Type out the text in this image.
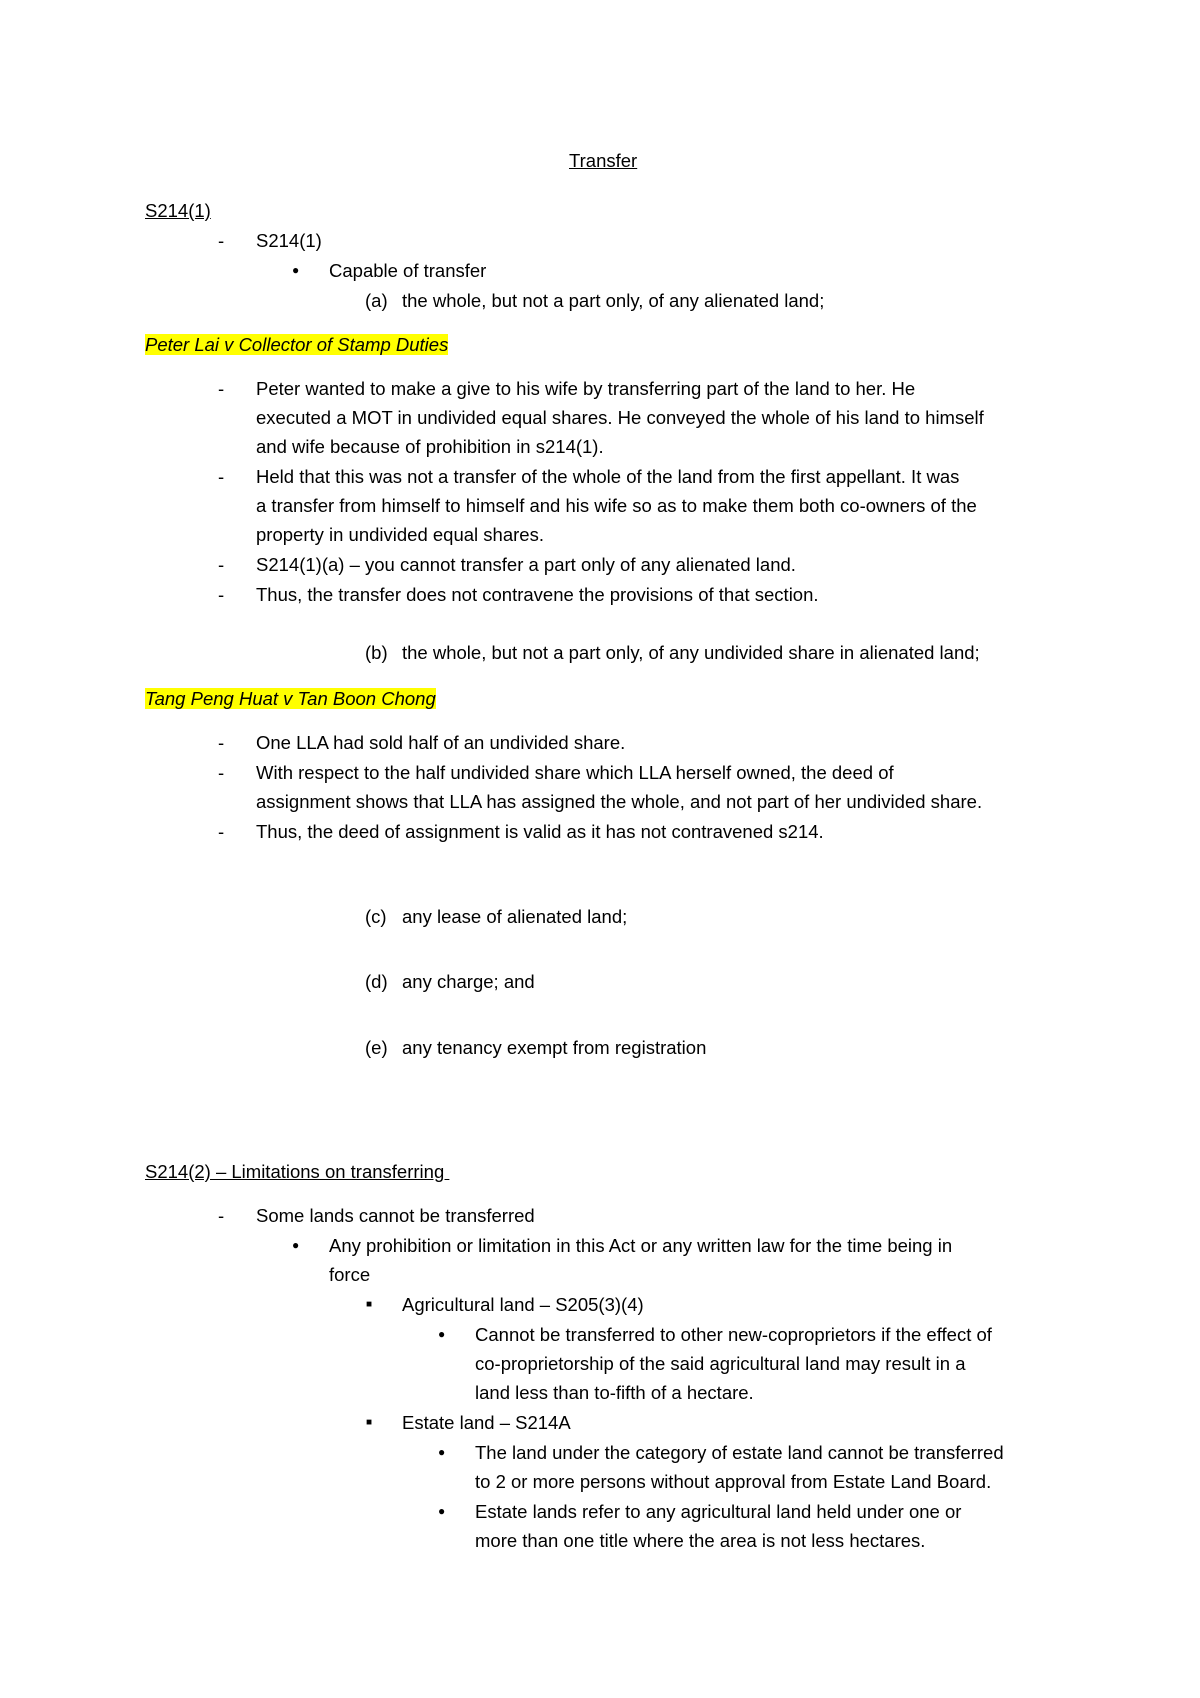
Transfer
S214(1)
- S214(1)
● Capable of transfer
(a) the whole, but not a part only, of any alienated land;
Peter Lai v Collector of Stamp Duties
- Peter wanted to make a give to his wife by transferring part of the land to her. He
executed a MOT in undivided equal shares. He conveyed the whole of his land to himself
and wife because of prohibition in s214(1).
- Held that this was not a transfer of the whole of the land from the first appellant. It was
a transfer from himself to himself and his wife so as to make them both co-owners of the
property in undivided equal shares.
- S214(1)(a) – you cannot transfer a part only of any alienated land.
- Thus, the transfer does not contravene the provisions of that section.
(b) the whole, but not a part only, of any undivided share in alienated land;
Tang Peng Huat v Tan Boon Chong
- One LLA had sold half of an undivided share.
- With respect to the half undivided share which LLA herself owned, the deed of
assignment shows that LLA has assigned the whole, and not part of her undivided share.
- Thus, the deed of assignment is valid as it has not contravened s214.
(c) any lease of alienated land;
(d) any charge; and
(e) any tenancy exempt from registration
S214(2) – Limitations on transferring
- Some lands cannot be transferred
● Any prohibition or limitation in this Act or any written law for the time being in
force
■ Agricultural land – S205(3)(4)
● Cannot be transferred to other new-coproprietors if the effect of
co-proprietorship of the said agricultural land may result in a
land less than to-fifth of a hectare.
■ Estate land – S214A
● The land under the category of estate land cannot be transferred
to 2 or more persons without approval from Estate Land Board.
● Estate lands refer to any agricultural land held under one or
more than one title where the area is not less hectares.
